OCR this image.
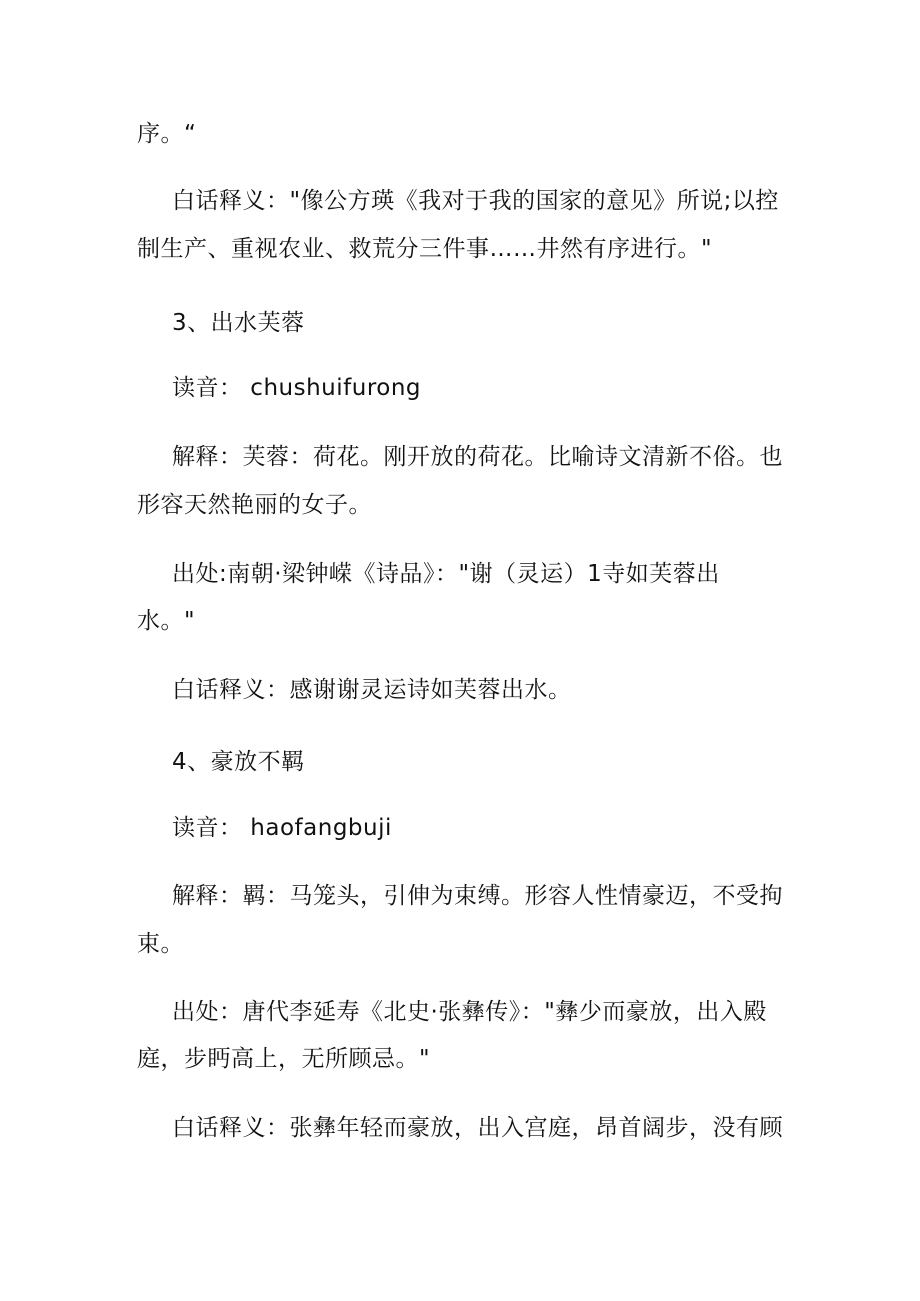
序。“
白话释义："像公方瑛《我对于我的国家的意见》所说;以控
制生产、重视农业、救荒分三件事……井然有序进行。"
3、出水芙蓉
读音： chushuifurong
解释：芙蓉：荷花。刚开放的荷花。比喻诗文清新不俗。也
形容天然艳丽的女子。
出处:南朝·梁钟嵘《诗品》："谢（灵运）1寺如芙蓉出
水。"
白话释义：感谢谢灵运诗如芙蓉出水。
4、豪放不羁
读音： haofangbuji
解释：羁：马笼头，引伸为束缚。形容人性情豪迈，不受拘
束。
出处：唐代李延寿《北史·张彝传》："彝少而豪放，出入殿
庭，步眄高上，无所顾忌。"
白话释义：张彝年轻而豪放，出入宫庭，昂首阔步，没有顾
